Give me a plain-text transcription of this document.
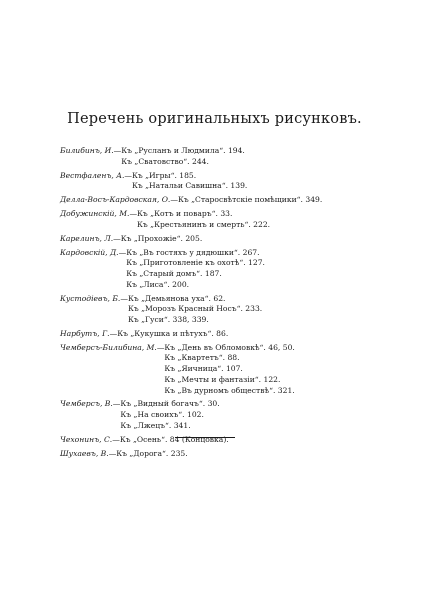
Перечень оригинальныхъ рисунковъ.
Билибинъ, И.—Къ „Русланъ и Людмила“. 194.
Къ „Сватовство“. 244.
Вестфаленъ, А.—Къ „Игры“. 185.
Къ „Натальи Савишна“. 139.
Делла-Восъ-Кардовская, О.—Къ „Старосвѣтскіе помѣщики“. 349.
Добужинскій, М.—Къ „Котъ и поваръ“. 33.
Къ „Крестьянинъ и смерть“. 222.
Карелинъ, Л.—Къ „Прохожіе“. 205.
Кардовскій, Д.—Къ „Въ гостяхъ у дядюшки“. 267.
Къ „Приготовленіе къ охотѣ“. 127.
Къ „Старый домъ“. 187.
Къ „Лиса“. 200.
Кустодіевъ, Б.—Къ „Демьянова уха“. 62.
Къ „Морозъ Красный Носъ“. 233.
Къ „Гуси“. 338, 339.
Нарбутъ, Г.—Къ „Кукушка и пѣтухъ“. 86.
Чемберсъ-Билибина, М.—Къ „День въ Обломовкѣ“. 46, 50.
Къ „Квартетъ“. 88.
Къ „Яичница“. 107.
Къ „Мечты и фантазіи“. 122.
Къ „Въ дурномъ обществѣ“. 321.
Чемберсъ, В.—Къ „Видный богачъ“. 30.
Къ „На своихъ“. 102.
Къ „Лжецъ“. 341.
Чехонинъ, С.—Къ „Осень“. 84 (Концовка).
Шухаевъ, В.—Къ „Дорога“. 235.
